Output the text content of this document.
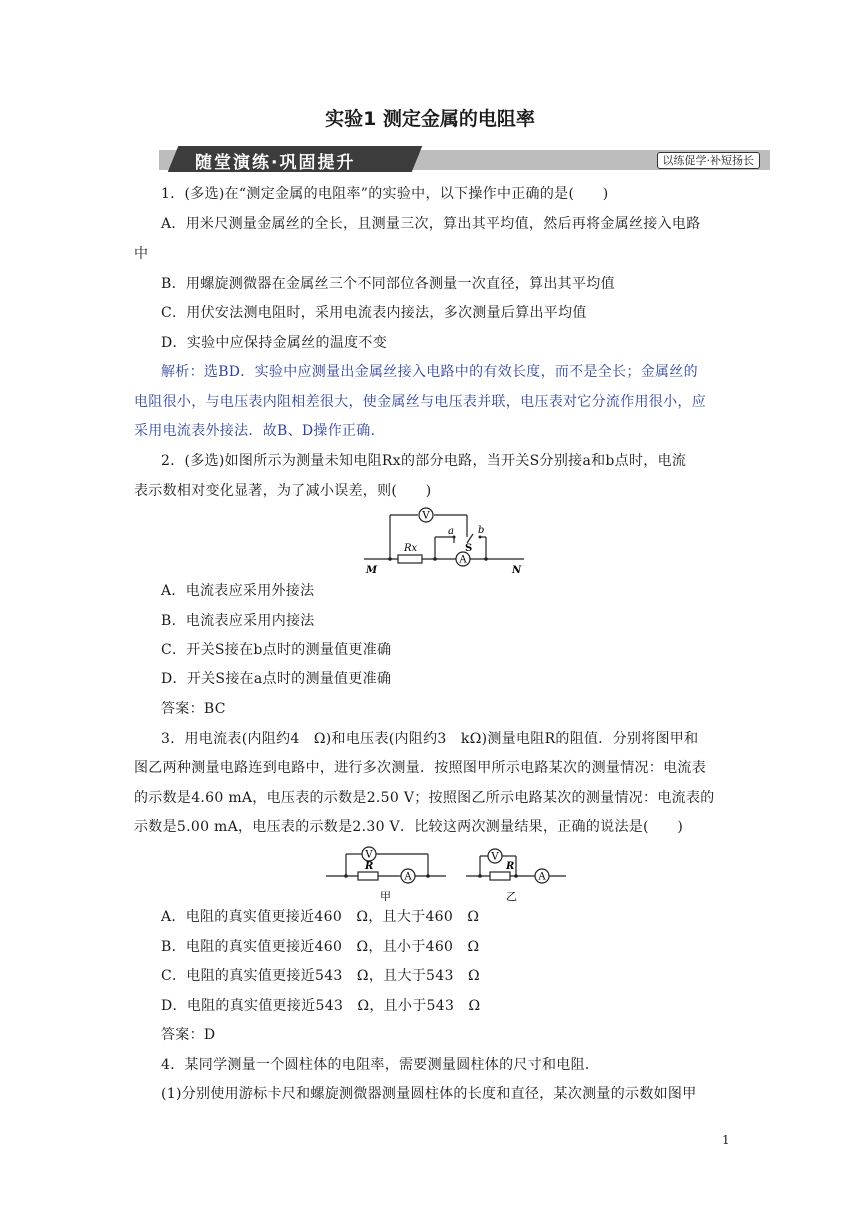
实验1 测定金属的电阻率
随堂演练·巩固提升	以练促学·补短扬长
1．(多选)在“测定金属的电阻率”的实验中，以下操作中正确的是(　　)
A．用米尺测量金属丝的全长，且测量三次，算出其平均值，然后再将金属丝接入电路
中
B．用螺旋测微器在金属丝三个不同部位各测量一次直径，算出其平均值
C．用伏安法测电阻时，采用电流表内接法，多次测量后算出平均值
D．实验中应保持金属丝的温度不变
解析：选BD．实验中应测量出金属丝接入电路中的有效长度，而不是全长；金属丝的
电阻很小，与电压表内阻相差很大，使金属丝与电压表并联，电压表对它分流作用很小，应
采用电流表外接法．故B、D操作正确．
2．(多选)如图所示为测量未知电阻Rx的部分电路，当开关S分别接a和b点时，电流
表示数相对变化显著，为了减小误差，则(　　)
V
A
Rx
a b
S
M	N
A．电流表应采用外接法
B．电流表应采用内接法
C．开关S接在b点时的测量值更准确
D．开关S接在a点时的测量值更准确
答案：BC
3．用电流表(内阻约4　Ω)和电压表(内阻约3　kΩ)测量电阻R的阻值．分别将图甲和
图乙两种测量电路连到电路中，进行多次测量．按照图甲所示电路某次的测量情况：电流表
的示数是4.60 mA，电压表的示数是2.50 V；按照图乙所示电路某次的测量情况：电流表的
示数是5.00 mA，电压表的示数是2.30 V．比较这两次测量结果，正确的说法是(　　)
V
A
R
V
A
R
甲	乙
A．电阻的真实值更接近460　Ω，且大于460　Ω
B．电阻的真实值更接近460　Ω，且小于460　Ω
C．电阻的真实值更接近543　Ω，且大于543　Ω
D．电阻的真实值更接近543　Ω，且小于543　Ω
答案：D
4．某同学测量一个圆柱体的电阻率，需要测量圆柱体的尺寸和电阻．
(1)分别使用游标卡尺和螺旋测微器测量圆柱体的长度和直径，某次测量的示数如图甲
1
